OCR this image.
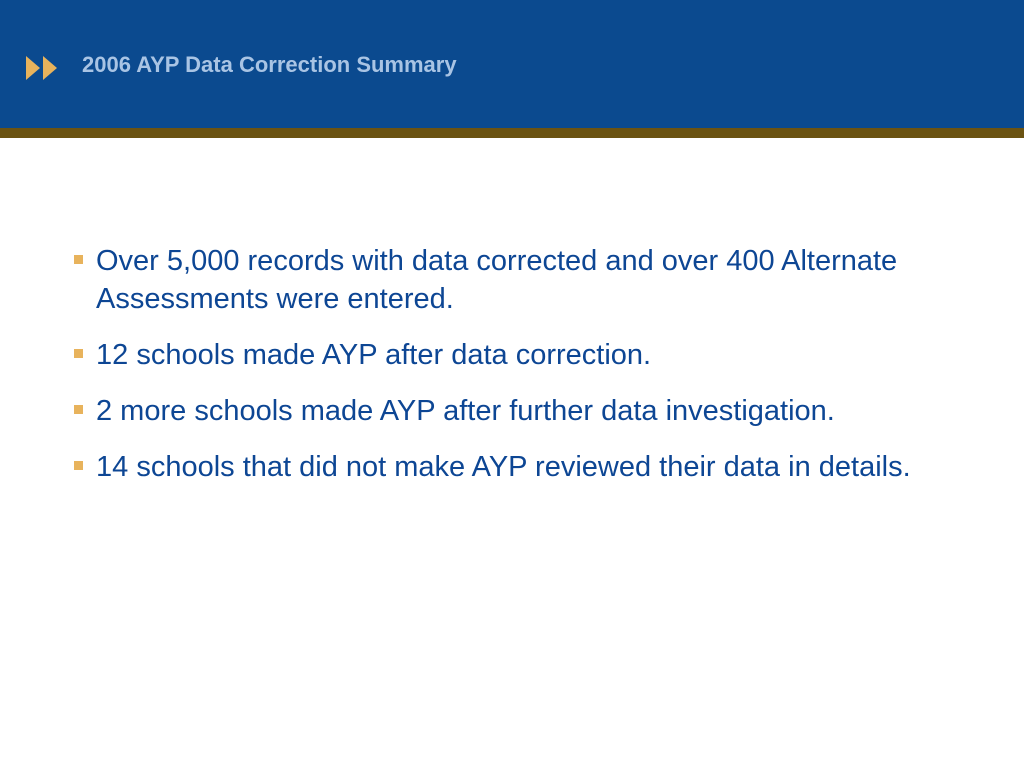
2006 AYP Data Correction Summary
Over 5,000 records with data corrected and over 400 Alternate Assessments were entered.
12 schools made AYP after data correction.
2 more schools made AYP after further data investigation.
14 schools that did not make AYP reviewed their data in details.
